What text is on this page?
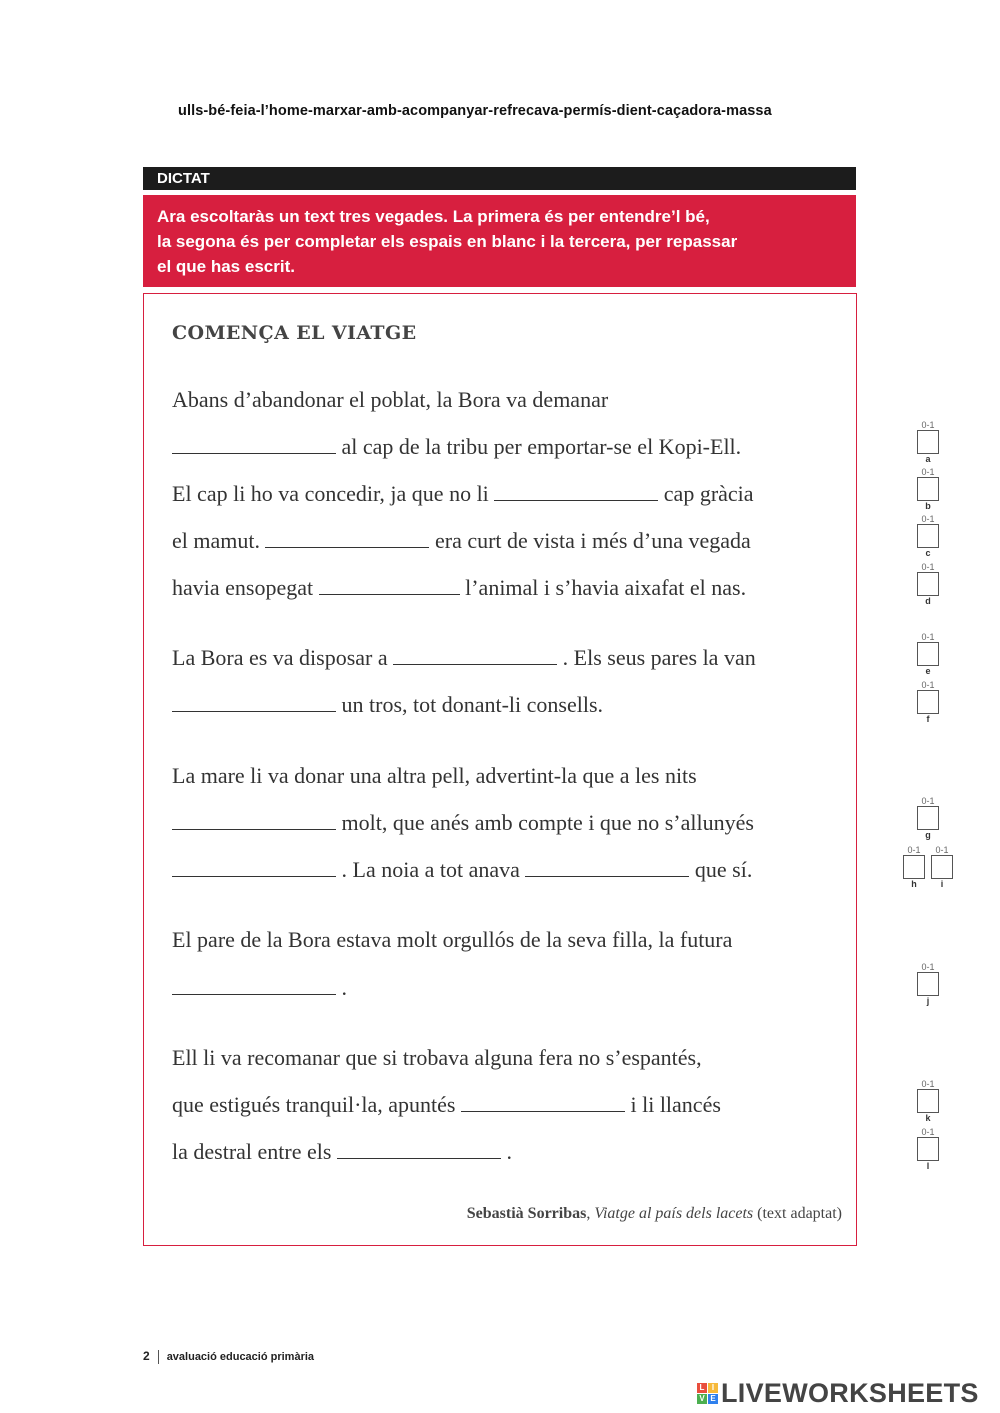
ulls-bé-feia-l’home-marxar-amb-acompanyar-refrecava-permís-dient-caçadora-massa
DICTAT
Ara escoltaràs un text tres vegades. La primera és per entendre’l bé,
la segona és per completar els espais en blanc i la tercera, per repassar
el que has escrit.
COMENÇA EL VIATGE
Abans d’abandonar el poblat, la Bora va demanar
al cap de la tribu per emportar-se el Kopi-Ell.
El cap li ho va concedir, ja que no li	cap gràcia
el mamut.	era curt de vista i més d’una vegada
havia ensopegat	l’animal i s’havia aixafat el nas.
La Bora es va disposar a	. Els seus pares la van
un tros, tot donant-li consells.
La mare li va donar una altra pell, advertint-la que a les nits
molt, que anés amb compte i que no s’allunyés
. La noia a tot anava	que sí.
El pare de la Bora estava molt orgullós de la seva filla, la futura
.
Ell li va recomanar que si trobava alguna fera no s’espantés,
que estigués tranquil·la, apuntés	i li llancés
la destral entre els	.
Sebastià Sorribas, Viatge al país dels lacets (text adaptat)
0-1
a
0-1
b
0-1
c
0-1
d
0-1
e
0-1
f
0-1
g
0-1
h
0-1
i
0-1
j
0-1
k
0-1
l
2 avaluació educació primària
L I
V E LIVEWORKSHEETS
